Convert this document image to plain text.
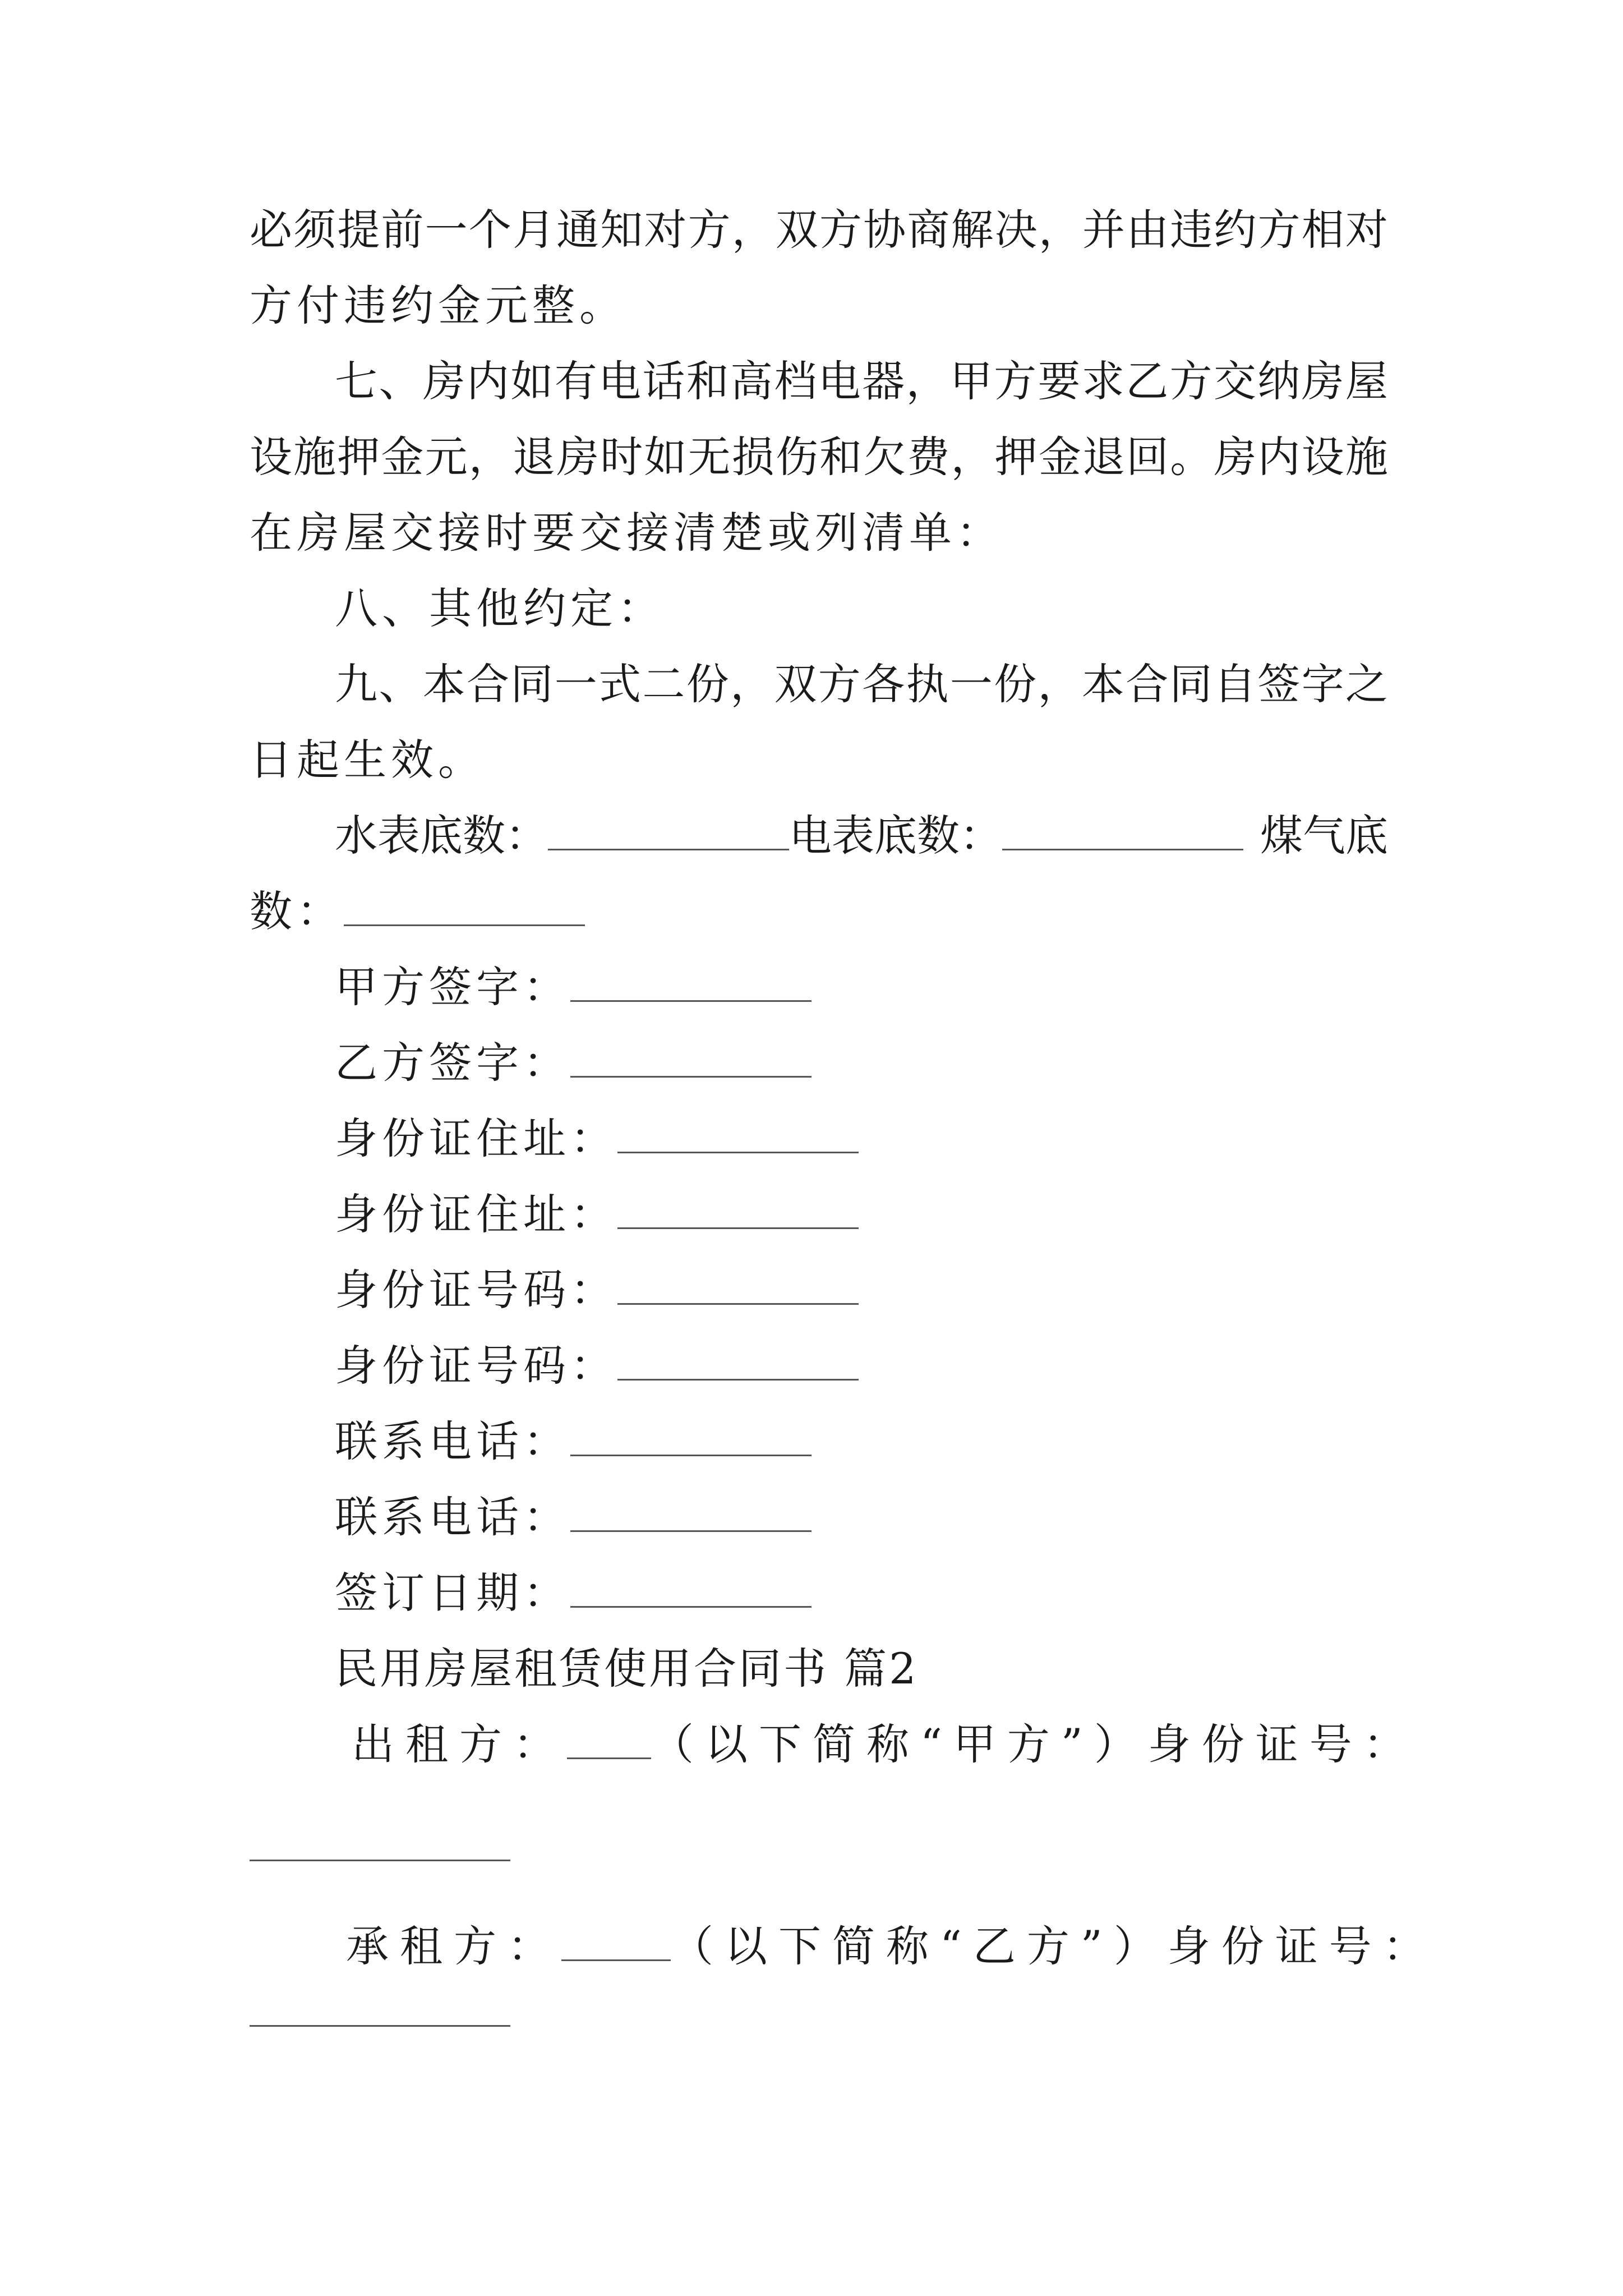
必 须 提 前 一 个 月 通 知 对 方 ， 双 方 协 商 解 决 ， 并 由 违 约 方 相 对
方付违约金元整。
七 、 房 内 如 有 电 话 和 高 档 电 器 ， 甲 方 要 求 乙 方 交 纳 房 屋
设 施 押 金 元 ， 退 房 时 如 无 损 伤 和 欠 费 ， 押 金 退 回 。 房 内 设 施
在房屋交接时要交接清楚或列清单：
八、其他约定：
九 、 本 合 同 一 式 二 份 ， 双 方 各 执 一 份 ， 本 合 同 自 签 字 之
日起生效。
水表底数：	电表底数：	煤气底
数：
甲方签字：
乙方签字：
身份证住址：
身份证住址：
身份证号码：
身份证号码：
联系电话：
联系电话：
签订日期：
民用房屋租赁使用合同书 篇2
出租方：	（以下简称“甲方”）身份证号：
承租方：	（以下简称“乙方”）身份证号：
